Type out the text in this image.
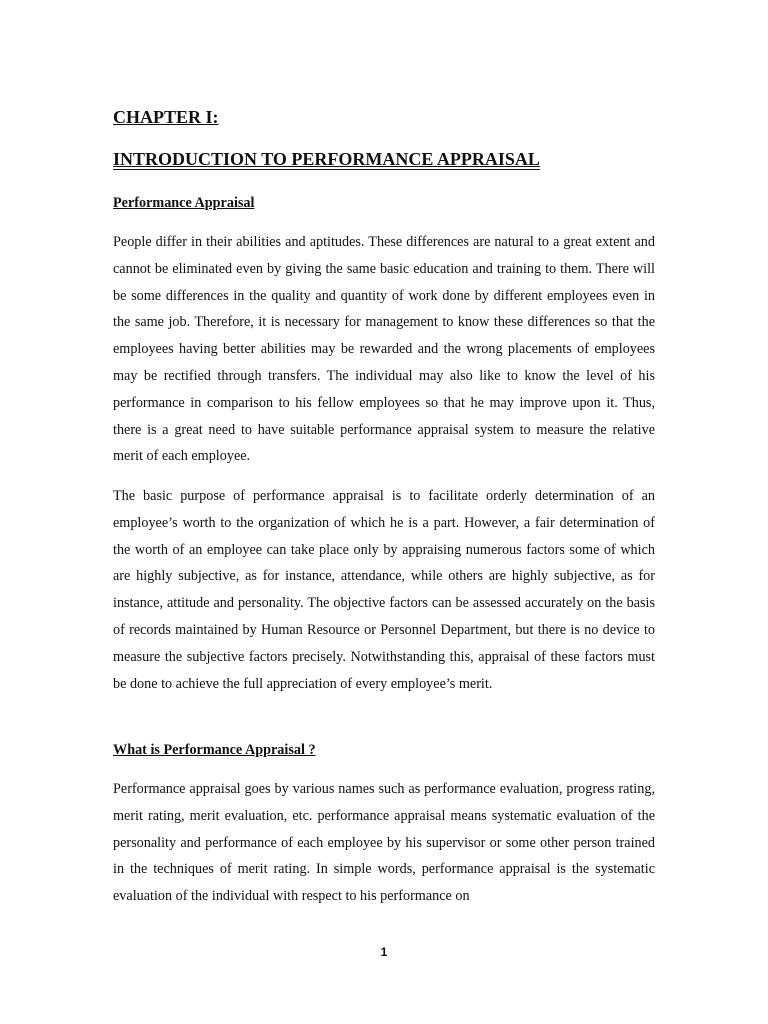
CHAPTER I:
INTRODUCTION TO PERFORMANCE APPRAISAL
Performance Appraisal

People differ in their abilities and aptitudes. These differences are natural to a great extent and cannot be eliminated even by giving the same basic education and training to them. There will be some differences in the quality and quantity of work done by different employees even in the same job. Therefore, it is necessary for management to know these differences so that the employees having better abilities may be rewarded and the wrong placements of employees may be rectified through transfers. The individual may also like to know the level of his performance in comparison to his fellow employees so that he may improve upon it. Thus, there is a great need to have suitable performance appraisal system to measure the relative merit of each employee.

The basic purpose of performance appraisal is to facilitate orderly determination of an employee’s worth to the organization of which he is a part. However, a fair determination of the worth of an employee can take place only by appraising numerous factors some of which are highly subjective, as for instance, attendance, while others are highly subjective, as for instance, attitude and personality. The objective factors can be assessed accurately on the basis of records maintained by Human Resource or Personnel Department, but there is no device to measure the subjective factors precisely. Notwithstanding this, appraisal of these factors must be done to achieve the full appreciation of every employee’s merit.

What is Performance Appraisal ?

Performance appraisal goes by various names such as performance evaluation, progress rating, merit rating, merit evaluation, etc. performance appraisal means systematic evaluation of the personality and performance of each employee by his supervisor or some other person trained in the techniques of merit rating. In simple words, performance appraisal is the systematic evaluation of the individual with respect to his performance on

1
